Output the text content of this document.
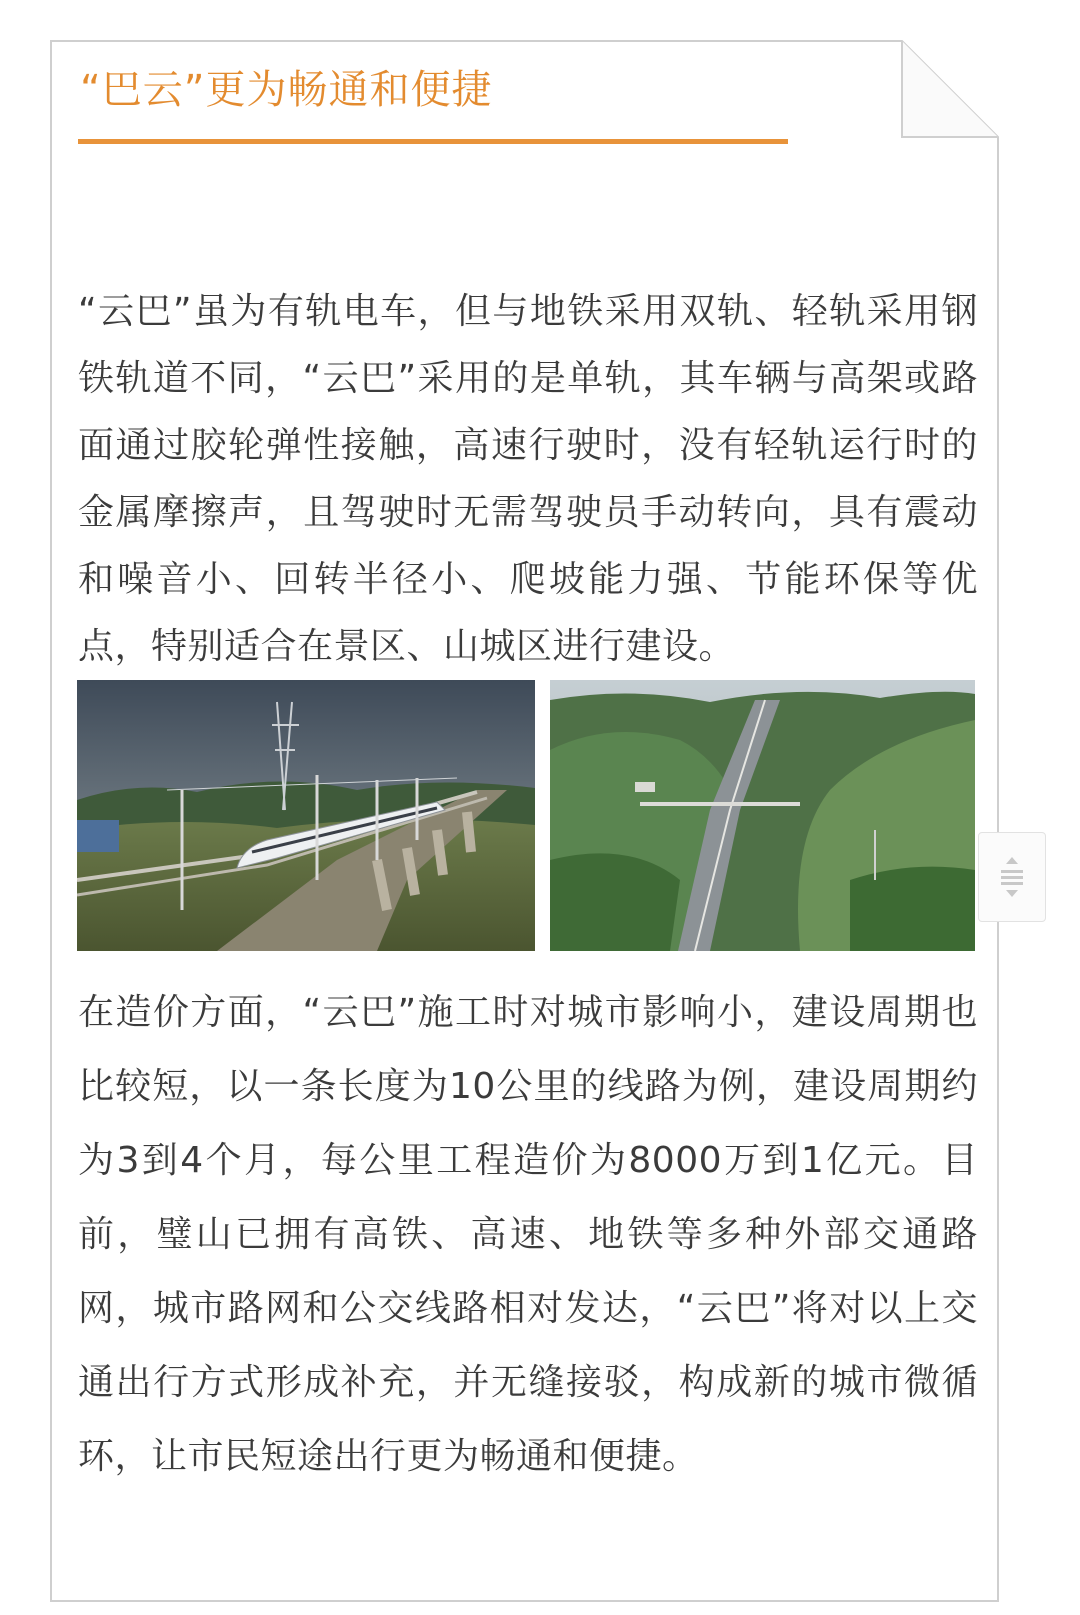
“巴云”更为畅通和便捷

“云巴”虽为有轨电车，但与地铁采用双轨、轻轨采用钢铁轨道不同，“云巴”采用的是单轨，其车辆与高架或路面通过胶轮弹性接触，高速行驶时，没有轻轨运行时的金属摩擦声，且驾驶时无需驾驶员手动转向，具有震动和噪音小、回转半径小、爬坡能力强、节能环保等优点，特别适合在景区、山城区进行建设。

在造价方面，“云巴”施工时对城市影响小，建设周期也比较短，以一条长度为10公里的线路为例，建设周期约为3到4个月，每公里工程造价为8000万到1亿元。目前，璧山已拥有高铁、高速、地铁等多种外部交通路网，城市路网和公交线路相对发达，“云巴”将对以上交通出行方式形成补充，并无缝接驳，构成新的城市微循环，让市民短途出行更为畅通和便捷。
